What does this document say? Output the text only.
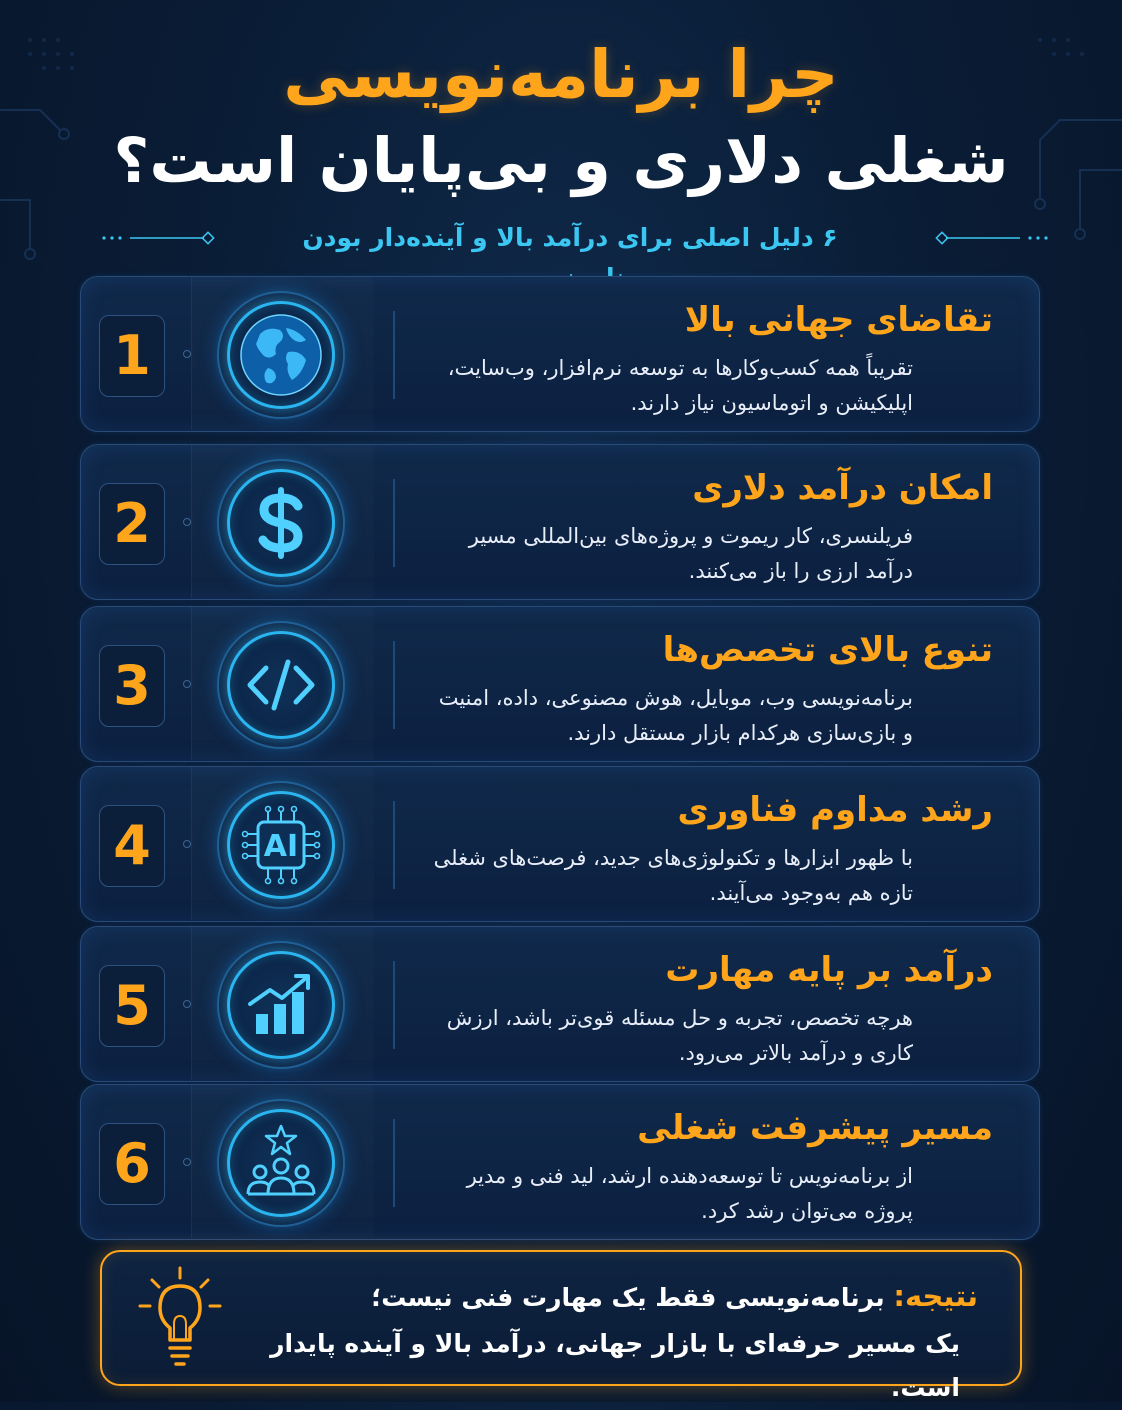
چرا برنامه‌نویسی
شغلی دلاری و بی‌پایان است؟
۶ دلیل اصلی برای درآمد بالا و آینده‌دار بودن
1
تقاضای جهانی بالا
تقریباً همه کسب‌وکارها به توسعه نرم‌افزار، وب‌سایت، اپلیکیشن و اتوماسیون نیاز دارند.
2
امکان درآمد دلاری
فریلنسری، کار ریموت و پروژه‌های بین‌المللی مسیر درآمد ارزی را باز می‌کنند.
3
تنوع بالای تخصص‌ها
برنامه‌نویسی وب، موبایل، هوش مصنوعی، داده، امنیت و بازی‌سازی هرکدام بازار مستقل دارند.
4	AI
رشد مداوم فناوری
با ظهور ابزارها و تکنولوژی‌های جدید، فرصت‌های شغلی تازه هم به‌وجود می‌آیند.
5
درآمد بر پایه مهارت
هرچه تخصص، تجربه و حل مسئله قوی‌تر باشد، ارزش کاری و درآمد بالاتر می‌رود.
6
مسیر پیشرفت شغلی
از برنامه‌نویس تا توسعه‌دهنده ارشد، لید فنی و مدیر پروژه می‌توان رشد کرد.
نتیجه: برنامه‌نویسی فقط یک مهارت فنی نیست؛
یک مسیر حرفه‌ای با بازار جهانی، درآمد بالا و آینده پایدار است.
